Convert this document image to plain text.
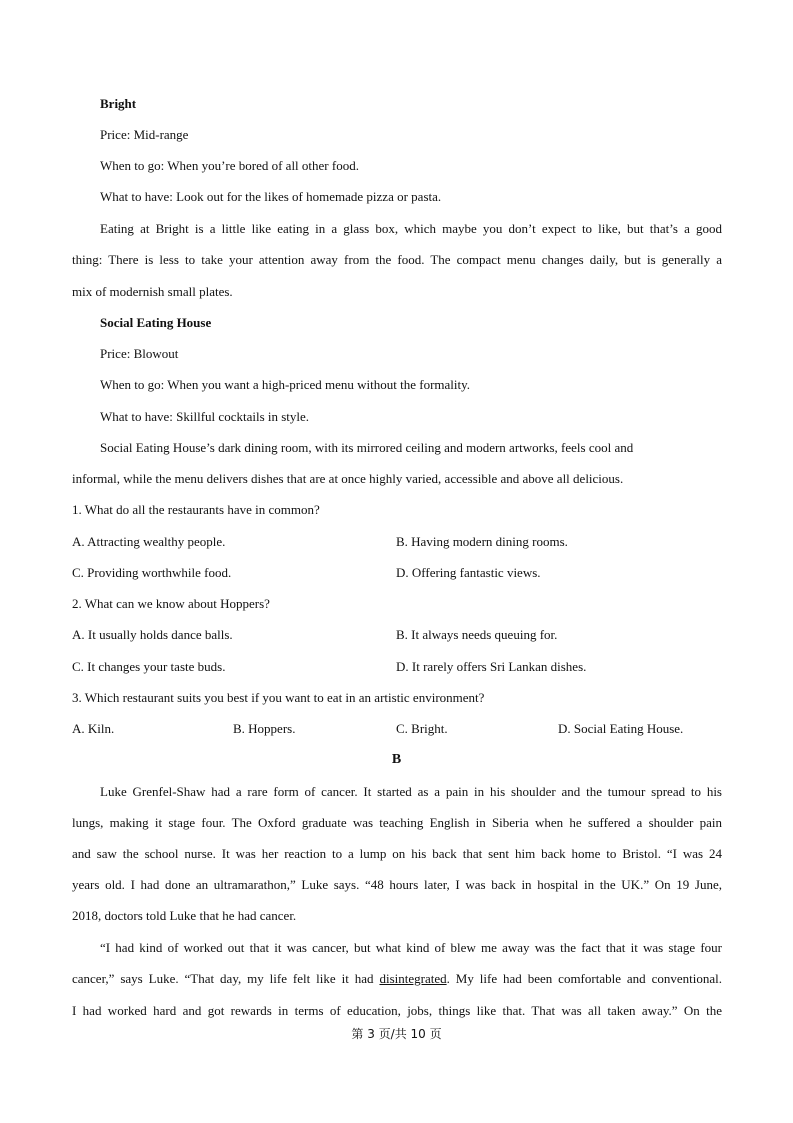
Bright
Price: Mid-range
When to go: When you’re bored of all other food.
What to have: Look out for the likes of homemade pizza or pasta.
Eating at Bright is a little like eating in a glass box, which maybe you don’t expect to like, but that’s a good
thing: There is less to take your attention away from the food. The compact menu changes daily, but is generally a
mix of modernish small plates.
Social Eating House
Price: Blowout
When to go: When you want a high-priced menu without the formality.
What to have: Skillful cocktails in style.
Social Eating House’s dark dining room, with its mirrored ceiling and modern artworks, feels cool and
informal, while the menu delivers dishes that are at once highly varied, accessible and above all delicious.
1. What do all the restaurants have in common?
A. Attracting wealthy people.	B. Having modern dining rooms.
C. Providing worthwhile food.	D. Offering fantastic views.
2. What can we know about Hoppers?
A. It usually holds dance balls.	B. It always needs queuing for.
C. It changes your taste buds.	D. It rarely offers Sri Lankan dishes.
3. Which restaurant suits you best if you want to eat in an artistic environment?
A. Kiln.	B. Hoppers.	C. Bright.	D. Social Eating House.
B
Luke Grenfel-Shaw had a rare form of cancer. It started as a pain in his shoulder and the tumour spread to his
lungs, making it stage four. The Oxford graduate was teaching English in Siberia when he suffered a shoulder pain
and saw the school nurse. It was her reaction to a lump on his back that sent him back home to Bristol. “I was 24
years old. I had done an ultramarathon,” Luke says. “48 hours later, I was back in hospital in the UK.” On 19 June,
2018, doctors told Luke that he had cancer.
“I had kind of worked out that it was cancer, but what kind of blew me away was the fact that it was stage four
cancer,” says Luke. “That day, my life felt like it had disintegrated. My life had been comfortable and conventional.
I had worked hard and got rewards in terms of education, jobs, things like that. That was all taken away.” On the
第 3 页/共 10 页
